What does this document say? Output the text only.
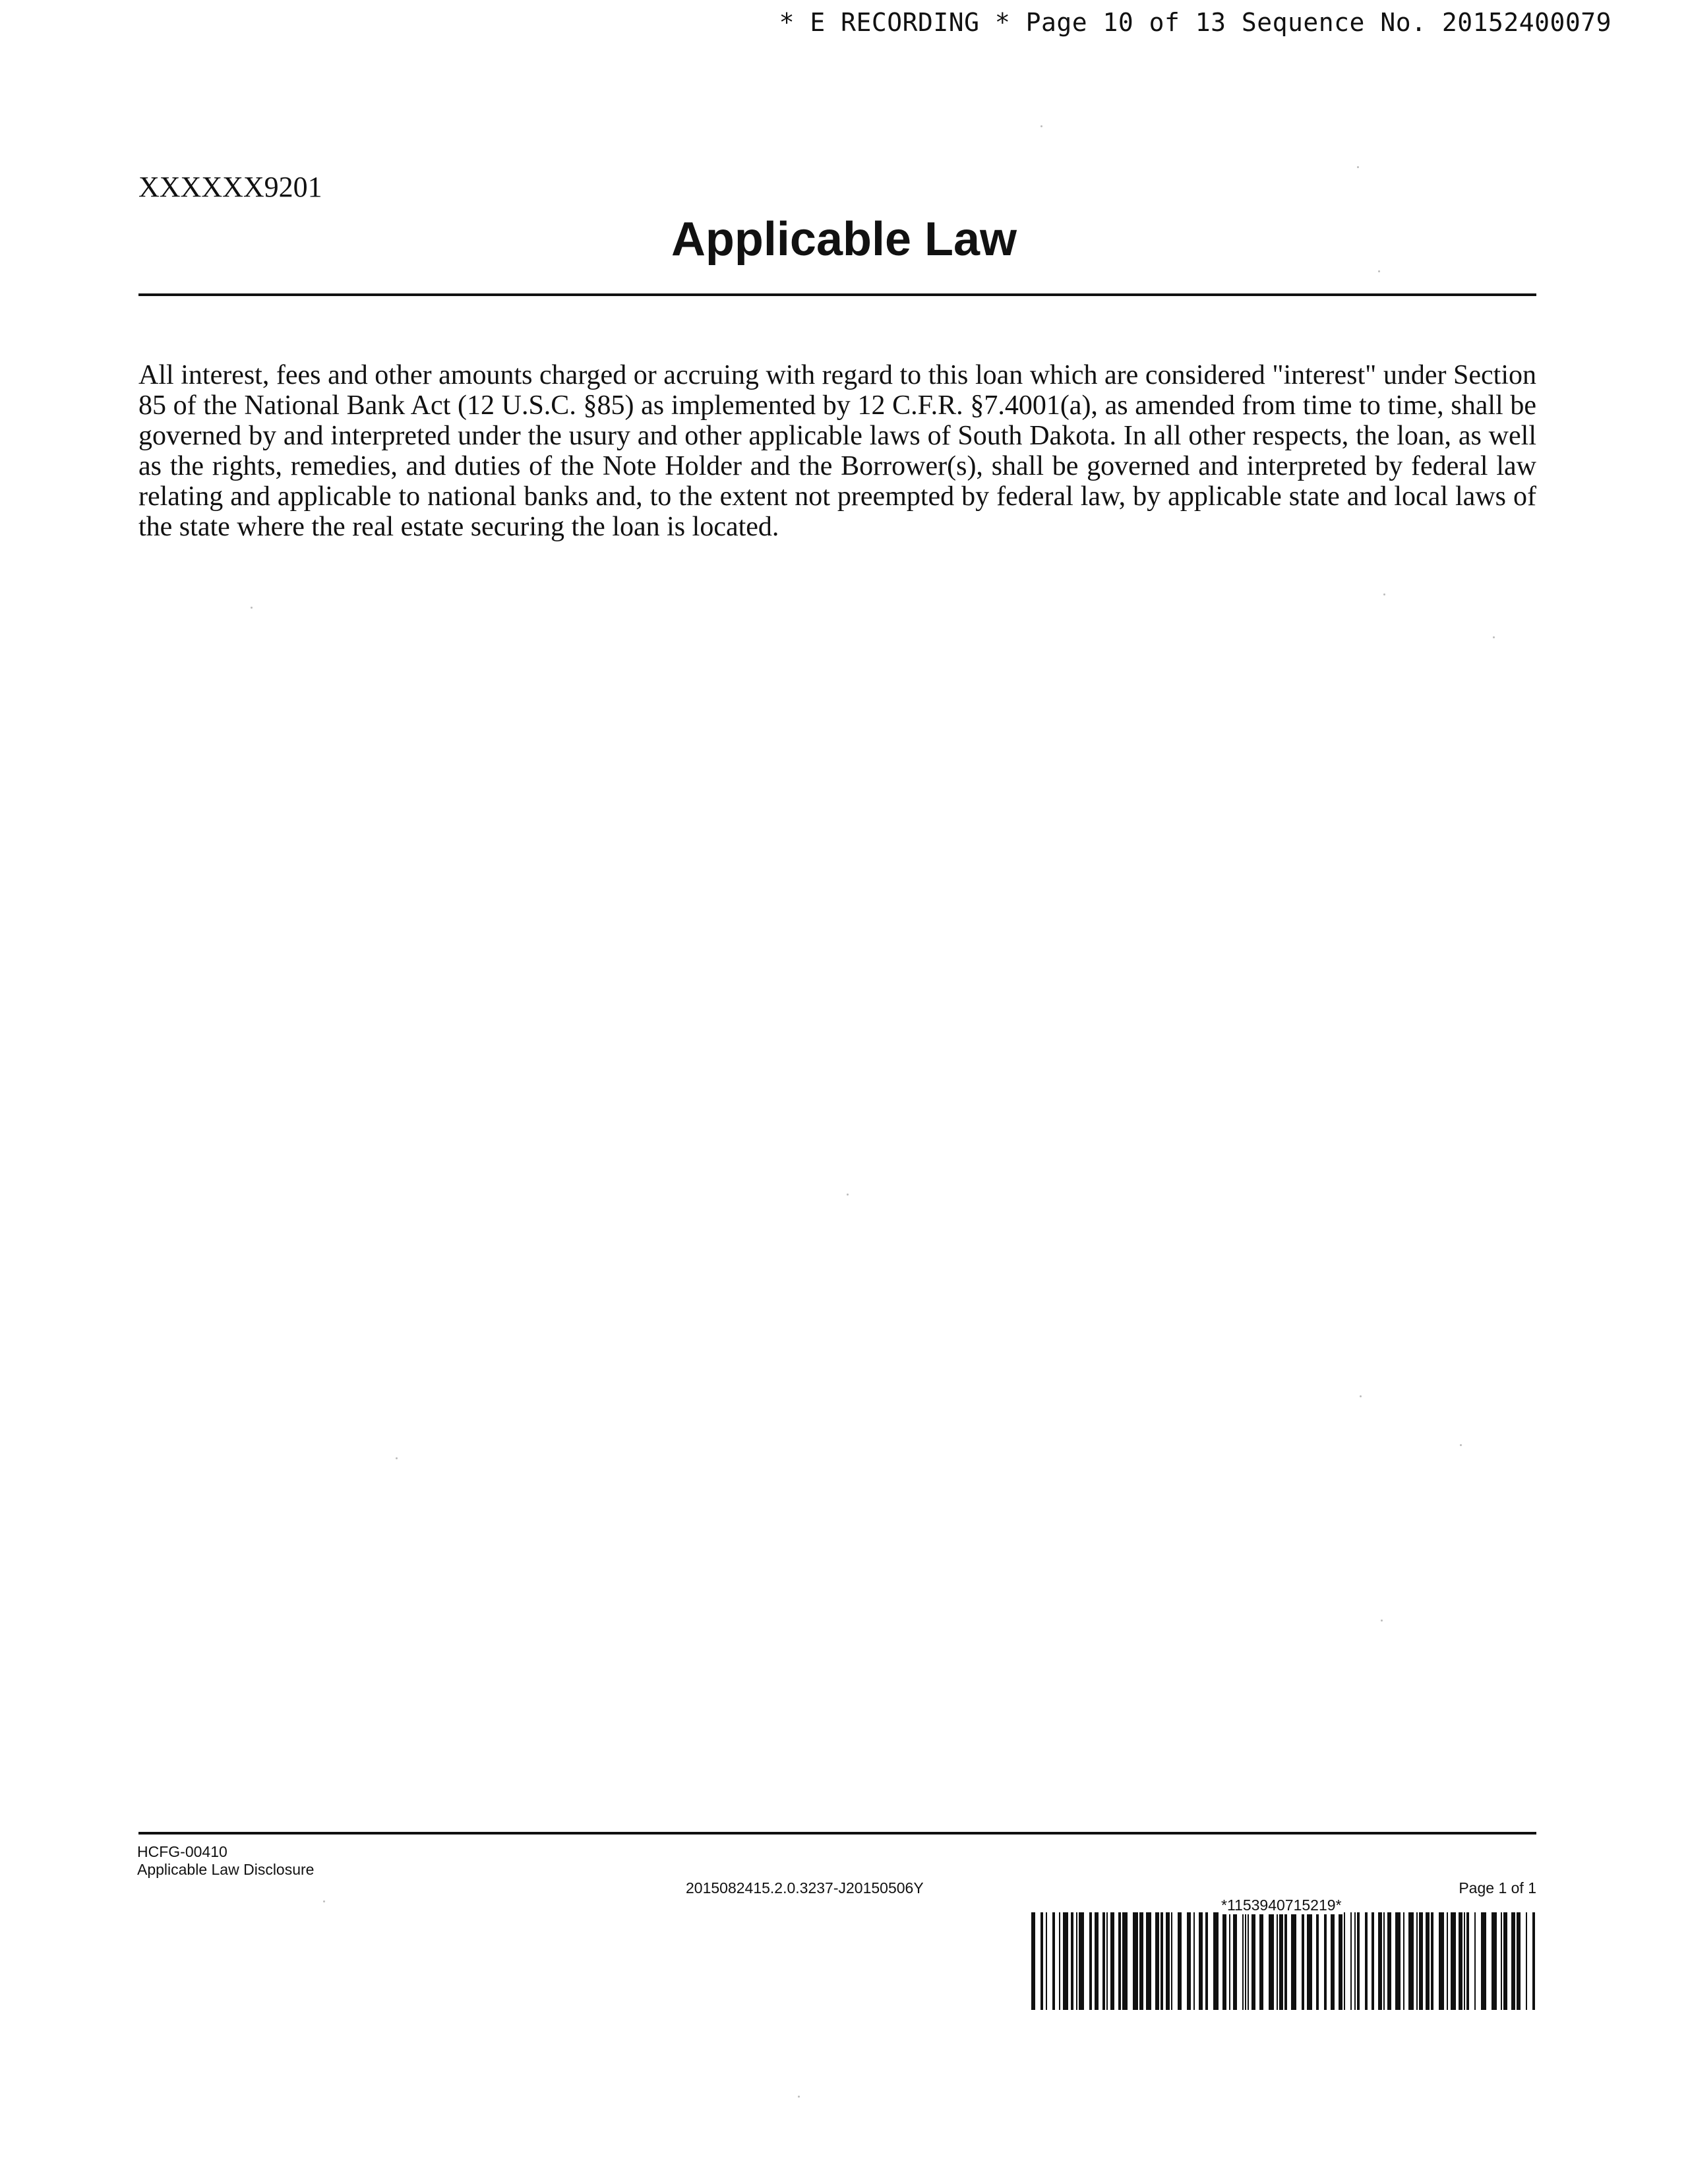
* E RECORDING * Page 10 of 13 Sequence No. 20152400079
XXXXXX9201
Applicable Law

All interest, fees and other amounts charged or accruing with regard to this loan which are considered "interest" under Section 85 of the National Bank Act (12 U.S.C. §85) as implemented by 12 C.F.R. §7.4001(a), as amended from time to time, shall be governed by and interpreted under the usury and other applicable laws of South Dakota. In all other respects, the loan, as well as the rights, remedies, and duties of the Note Holder and the Borrower(s), shall be governed and interpreted by federal law relating and applicable to national banks and, to the extent not preempted by federal law, by applicable state and local laws of the state where the real estate securing the loan is located.

HCFG-00410
Applicable Law Disclosure
2015082415.2.0.3237-J20150506Y	Page 1 of 1
*1153940715219*
